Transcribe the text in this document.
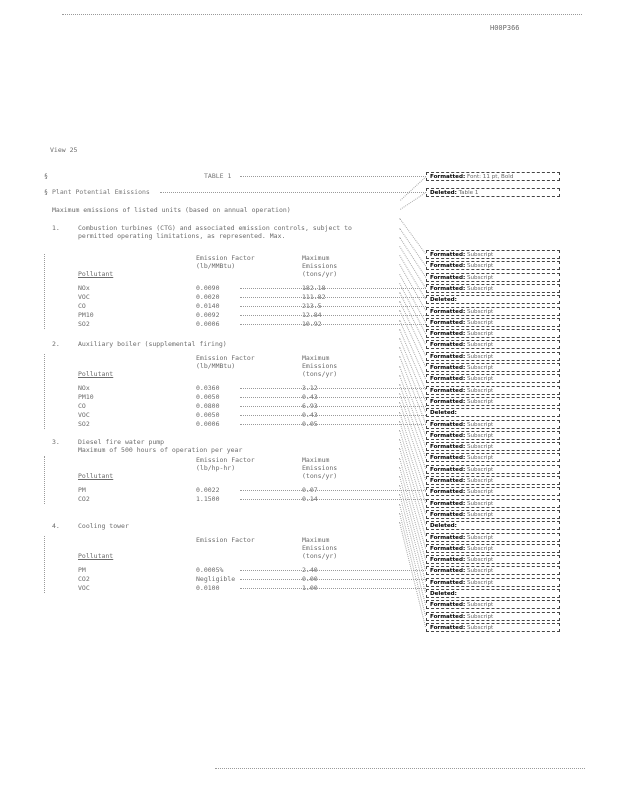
H00P366
View 25
§	TABLE 1
§ Plant Potential Emissions
Maximum emissions of listed units (based on annual operation)
1.	Combustion turbines (CTG) and associated emission controls, subject to permitted operating limitations, as represented. Max.
Emission Factor (lb/MMBtu)
Maximum Emissions (tons/yr)
Pollutant
NOx	0.0090	182.18
VOC	0.0020	111.82
CO	0.0140	213.5
PM10	0.0092	12.84
SO2	0.0006	10.92
2.	Auxiliary boiler (supplemental firing)
Emission Factor (lb/MMBtu)
Maximum Emissions (tons/yr)
Pollutant
NOx	0.0360	3.12
PM10	0.0050	0.43
CO	0.0800	6.93
VOC	0.0050	0.43
SO2	0.0006	0.05
3.	Diesel fire water pump
Maximum of 500 hours of operation per year
Emission Factor (lb/hp-hr)
Maximum Emissions (tons/yr)
Pollutant
PM	0.0022	0.07
CO2	1.1500	0.14
4.	Cooling tower
Emission Factor	Maximum Emissions (tons/yr)
Pollutant
PM	0.0005%	2.40
CO2	Negligible	0.00
VOC	0.0100	1.00
Formatted: Font: 11 pt, Bold
Deleted: Table 1
Formatted: Subscript
Formatted: Subscript
Formatted: Subscript
Formatted: Subscript
Deleted:
Formatted: Subscript
Formatted: Subscript
Formatted: Subscript
Formatted: Subscript
Formatted: Subscript
Formatted: Subscript
Formatted: Subscript
Formatted: Subscript
Formatted: Subscript
Deleted:
Formatted: Subscript
Formatted: Subscript
Formatted: Subscript
Formatted: Subscript
Formatted: Subscript
Formatted: Subscript
Formatted: Subscript
Formatted: Subscript
Formatted: Subscript
Deleted:
Formatted: Subscript
Formatted: Subscript
Formatted: Subscript
Formatted: Subscript
Formatted: Subscript
Deleted:
Formatted: Subscript
Formatted: Subscript
Formatted: Subscript
